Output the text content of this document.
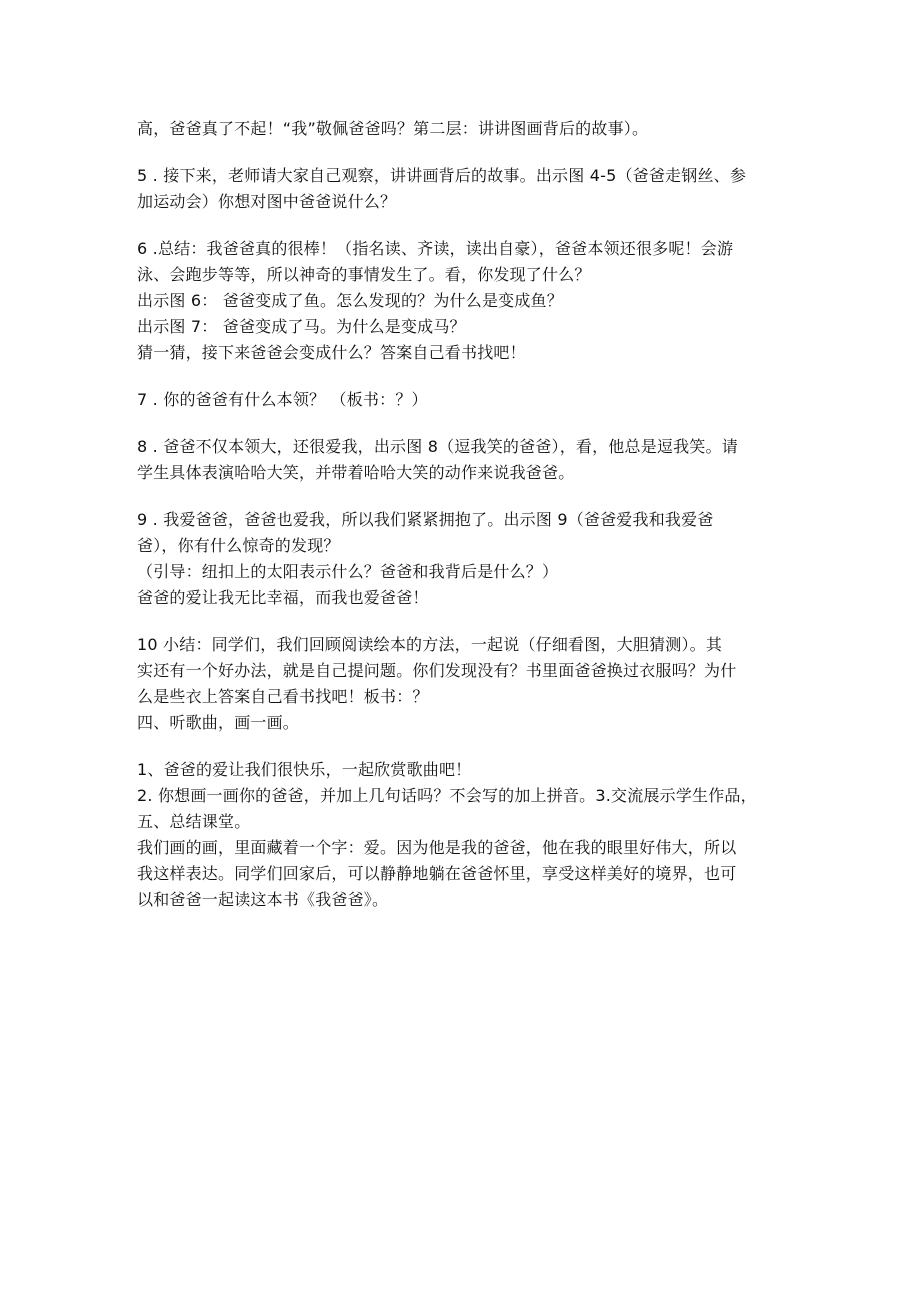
高，爸爸真了不起！“我”敬佩爸爸吗？第二层：讲讲图画背后的故事）。
5 . 接下来，老师请大家自己观察，讲讲画背后的故事。出示图 4-5（爸爸走钢丝、参
加运动会）你想对图中爸爸说什么？
6 .总结：我爸爸真的很棒！（指名读、齐读，读出自豪），爸爸本领还很多呢！会游
泳、会跑步等等，所以神奇的事情发生了。看，你发现了什么？
出示图 6： 爸爸变成了鱼。怎么发现的？为什么是变成鱼？
出示图 7： 爸爸变成了马。为什么是变成马？
猜一猜，接下来爸爸会变成什么？答案自己看书找吧！
7 . 你的爸爸有什么本领？ （板书：？）
8 . 爸爸不仅本领大，还很爱我，出示图 8（逗我笑的爸爸），看，他总是逗我笑。请
学生具体表演哈哈大笑，并带着哈哈大笑的动作来说我爸爸。
9 . 我爱爸爸，爸爸也爱我，所以我们紧紧拥抱了。出示图 9（爸爸爱我和我爱爸
爸），你有什么惊奇的发现？
（引导：纽扣上的太阳表示什么？爸爸和我背后是什么？）
爸爸的爱让我无比幸福，而我也爱爸爸！
10 小结：同学们，我们回顾阅读绘本的方法，一起说（仔细看图，大胆猜测）。其
实还有一个好办法，就是自己提问题。你们发现没有？书里面爸爸换过衣服吗？为什
么是些衣上答案自己看书找吧！板书：？
四、听歌曲，画一画。
1、爸爸的爱让我们很快乐，一起欣赏歌曲吧！
2. 你想画一画你的爸爸，并加上几句话吗？不会写的加上拼音。3.交流展示学生作品，
五、总结课堂。
我们画的画，里面藏着一个字：爱。因为他是我的爸爸，他在我的眼里好伟大，所以
我这样表达。同学们回家后，可以静静地躺在爸爸怀里，享受这样美好的境界，也可
以和爸爸一起读这本书《我爸爸》。
